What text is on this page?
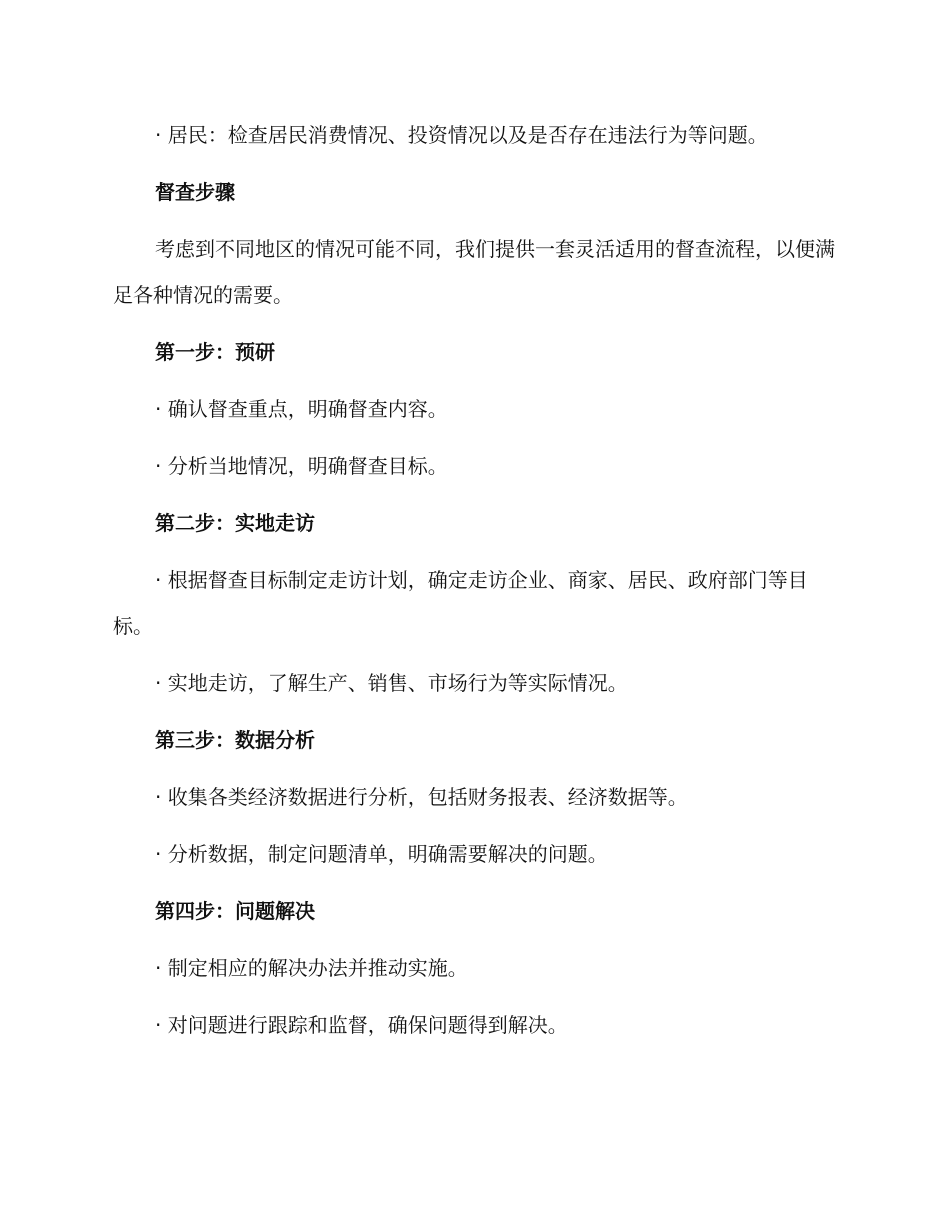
· 居民：检查居民消费情况、投资情况以及是否存在违法行为等问题。

督查步骤

考虑到不同地区的情况可能不同，我们提供一套灵活适用的督查流程，以便满足各种情况的需要。

第一步：预研

· 确认督查重点，明确督查内容。

· 分析当地情况，明确督查目标。

第二步：实地走访

· 根据督查目标制定走访计划，确定走访企业、商家、居民、政府部门等目标。

· 实地走访，了解生产、销售、市场行为等实际情况。

第三步：数据分析

· 收集各类经济数据进行分析，包括财务报表、经济数据等。

· 分析数据，制定问题清单，明确需要解决的问题。

第四步：问题解决

· 制定相应的解决办法并推动实施。

· 对问题进行跟踪和监督，确保问题得到解决。
